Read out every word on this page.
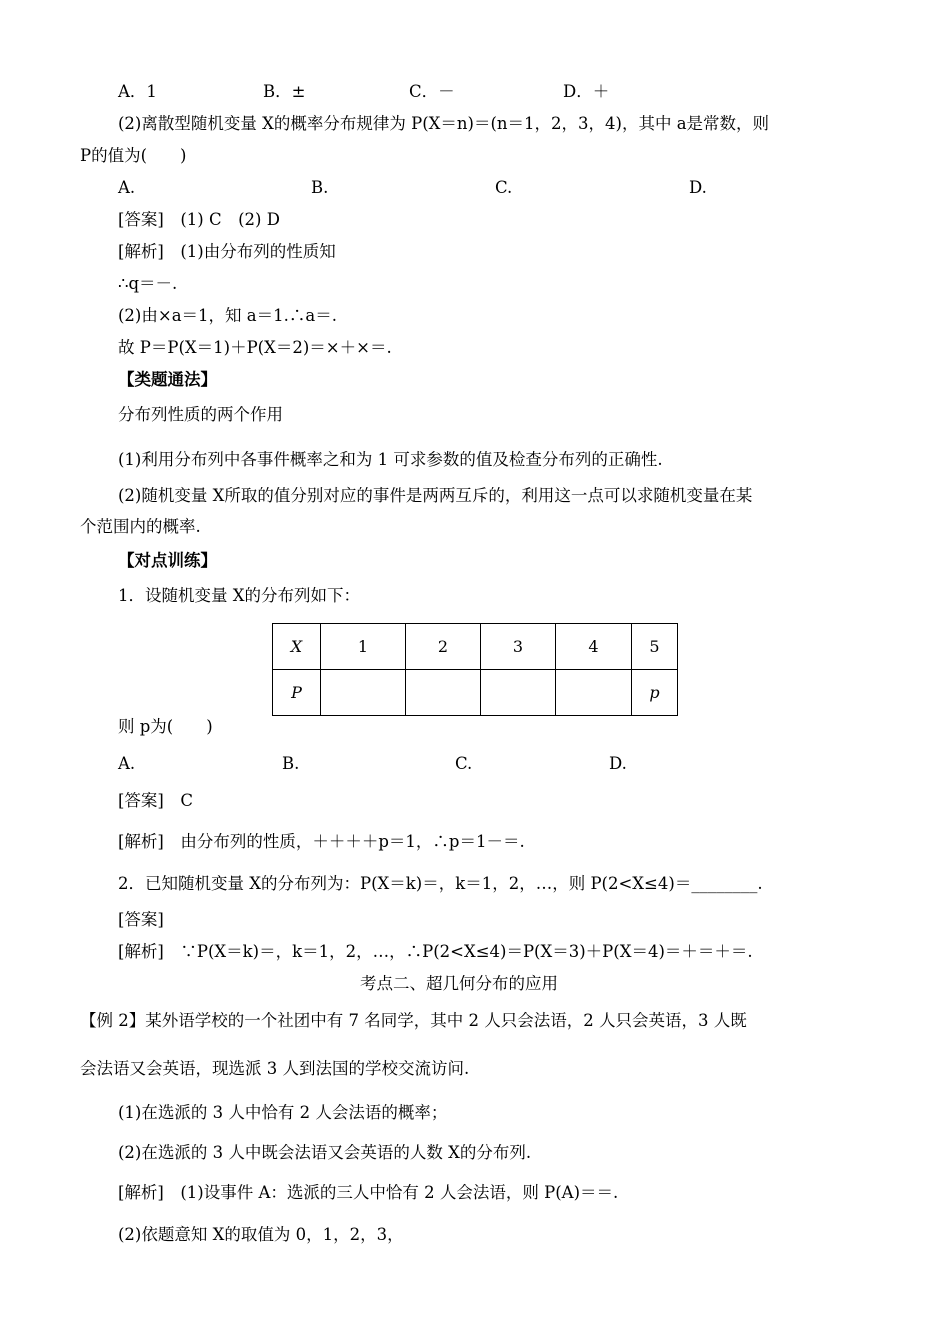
A．1	B．±	C．－	D．＋
(2)离散型随机变量 X的概率分布规律为 P(X＝n)＝(n＝1，2，3，4)，其中 a是常数，则
P的值为(　　)
A.	B.	C.	D.
[答案]　(1) C　(2) D
[解析]　(1)由分布列的性质知
∴q＝－.
(2)由×a＝1，知 a＝1.∴a＝.
故 P＝P(X＝1)＋P(X＝2)＝×＋×＝.
【类题通法】
分布列性质的两个作用
(1)利用分布列中各事件概率之和为 1 可求参数的值及检查分布列的正确性.
(2)随机变量 X所取的值分别对应的事件是两两互斥的，利用这一点可以求随机变量在某
个范围内的概率.
【对点训练】
1．设随机变量 X的分布列如下：
X	1	2	3	4	5
P					p
则 p为(　　)
A.	B.	C.	D.
[答案]　C
[解析]　由分布列的性质，＋＋＋＋p＝1，∴p＝1－＝.
2．已知随机变量 X的分布列为：P(X＝k)＝，k＝1，2，…，则 P(2<X≤4)＝________.
[答案]
[解析]　∵P(X＝k)＝，k＝1，2，…，∴P(2<X≤4)＝P(X＝3)＋P(X＝4)＝＋＝＋＝.
考点二、超几何分布的应用
【例 2】某外语学校的一个社团中有 7 名同学，其中 2 人只会法语，2 人只会英语，3 人既
会法语又会英语，现选派 3 人到法国的学校交流访问.
(1)在选派的 3 人中恰有 2 人会法语的概率；
(2)在选派的 3 人中既会法语又会英语的人数 X的分布列.
[解析]　(1)设事件 A：选派的三人中恰有 2 人会法语，则 P(A)＝＝.
(2)依题意知 X的取值为 0，1，2，3，
